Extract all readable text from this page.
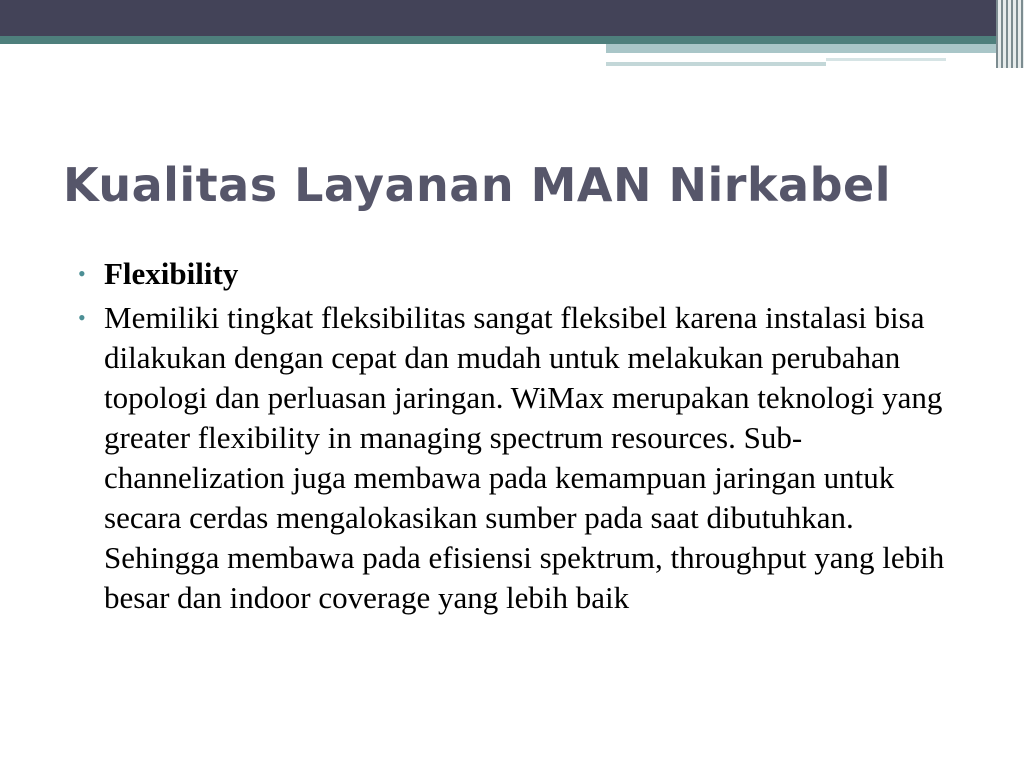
Kualitas Layanan MAN Nirkabel
• Flexibility
• Memiliki tingkat fleksibilitas sangat fleksibel karena instalasi bisa dilakukan dengan cepat dan mudah untuk melakukan perubahan topologi dan perluasan jaringan. WiMax merupakan teknologi yang greater flexibility in managing spectrum resources. Sub-channelization juga membawa pada kemampuan jaringan untuk secara cerdas mengalokasikan sumber pada saat dibutuhkan. Sehingga membawa pada efisiensi spektrum, throughput yang lebih besar dan indoor coverage yang lebih baik
